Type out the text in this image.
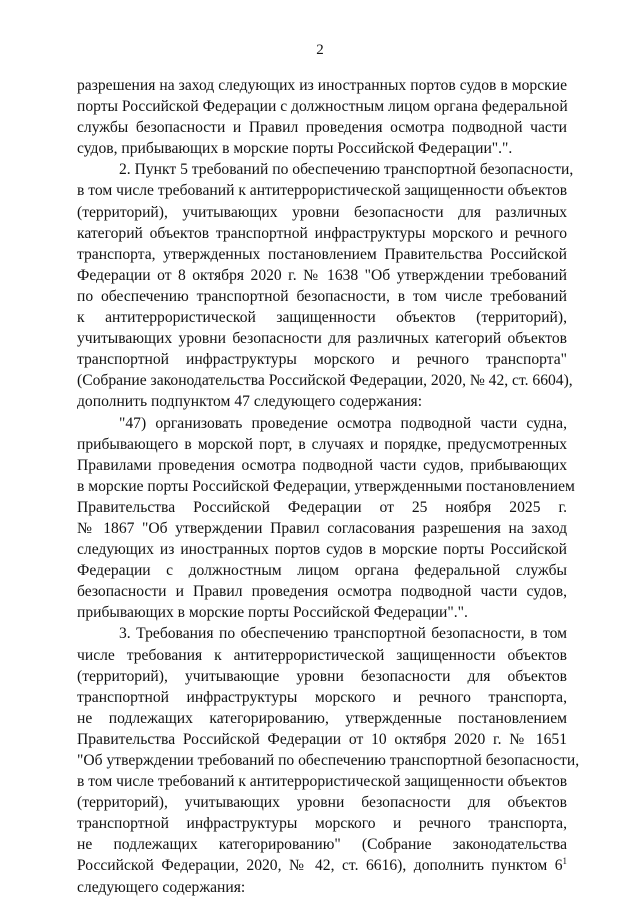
2
разрешения на заход следующих из иностранных портов судов в морские
порты Российской Федерации с должностным лицом органа федеральной
службы безопасности и Правил проведения осмотра подводной части
судов, прибывающих в морские порты Российской Федерации".".
2. Пункт 5 требований по обеспечению транспортной безопасности,
в том числе требований к антитеррористической защищенности объектов
(территорий), учитывающих уровни безопасности для различных
категорий объектов транспортной инфраструктуры морского и речного
транспорта, утвержденных постановлением Правительства Российской
Федерации от 8 октября 2020 г. № 1638 "Об утверждении требований
по обеспечению транспортной безопасности, в том числе требований
к антитеррористической защищенности объектов (территорий),
учитывающих уровни безопасности для различных категорий объектов
транспортной инфраструктуры морского и речного транспорта"
(Собрание законодательства Российской Федерации, 2020, № 42, ст. 6604),
дополнить подпунктом 47 следующего содержания:
"47) организовать проведение осмотра подводной части судна,
прибывающего в морской порт, в случаях и порядке, предусмотренных
Правилами проведения осмотра подводной части судов, прибывающих
в морские порты Российской Федерации, утвержденными постановлением
Правительства Российской Федерации от 25 ноября 2025 г.
№ 1867 "Об утверждении Правил согласования разрешения на заход
следующих из иностранных портов судов в морские порты Российской
Федерации с должностным лицом органа федеральной службы
безопасности и Правил проведения осмотра подводной части судов,
прибывающих в морские порты Российской Федерации".".
3. Требования по обеспечению транспортной безопасности, в том
числе требования к антитеррористической защищенности объектов
(территорий), учитывающие уровни безопасности для объектов
транспортной инфраструктуры морского и речного транспорта,
не подлежащих категорированию, утвержденные постановлением
Правительства Российской Федерации от 10 октября 2020 г. № 1651
"Об утверждении требований по обеспечению транспортной безопасности,
в том числе требований к антитеррористической защищенности объектов
(территорий), учитывающих уровни безопасности для объектов
транспортной инфраструктуры морского и речного транспорта,
не подлежащих категорированию" (Собрание законодательства
Российской Федерации, 2020, № 42, ст. 6616), дополнить пунктом $6^1$
следующего содержания:
